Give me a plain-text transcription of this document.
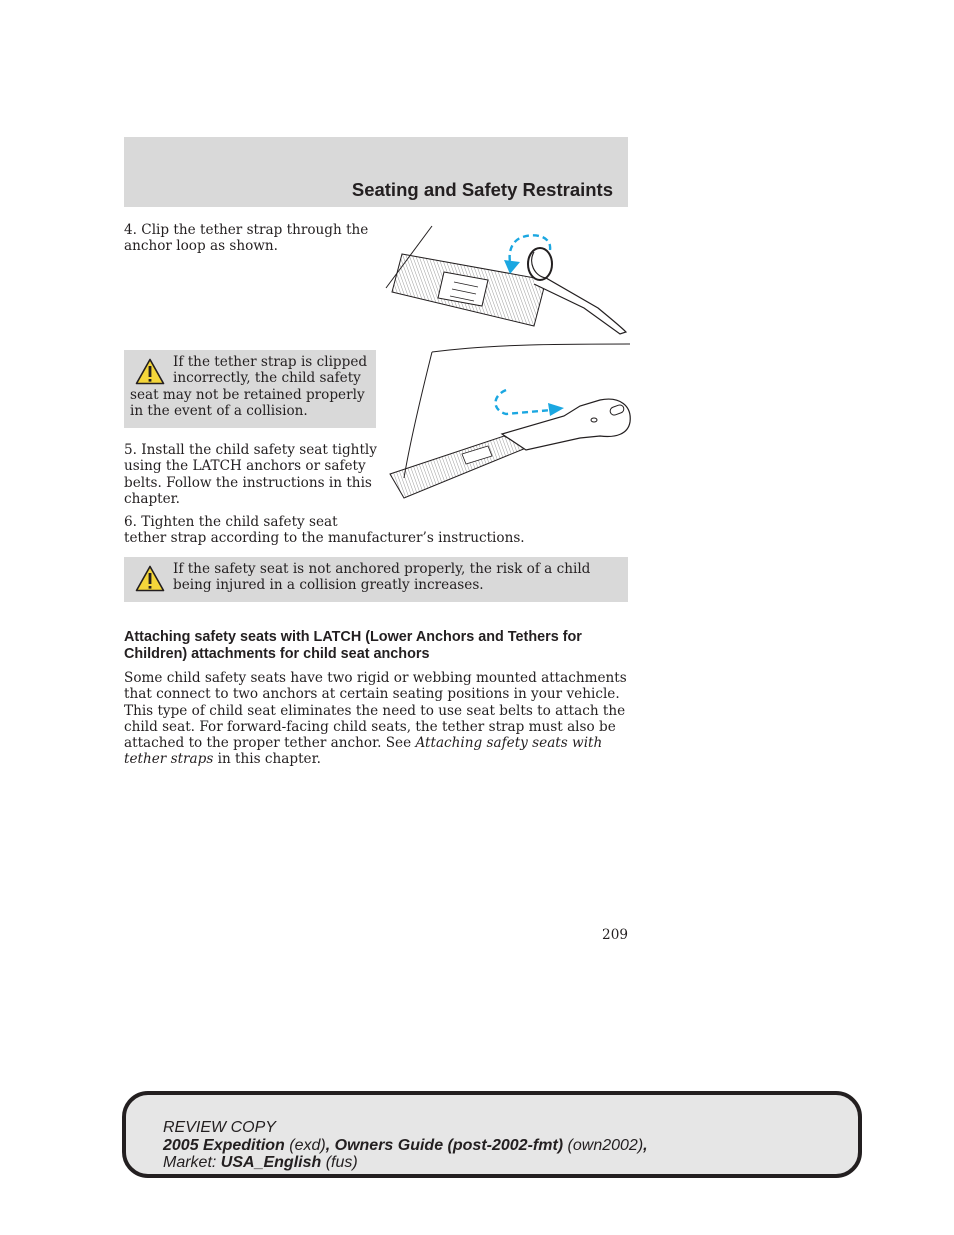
Seating and Safety Restraints
4. Clip the tether strap through the
anchor loop as shown.
If the tether strap is clipped
incorrectly, the child safety
seat may not be retained properly
in the event of a collision.
5. Install the child safety seat tightly
using the LATCH anchors or safety
belts. Follow the instructions in this
chapter.
6. Tighten the child safety seat
tether strap according to the manufacturer’s instructions.
If the safety seat is not anchored properly, the risk of a child
being injured in a collision greatly increases.
Attaching safety seats with LATCH (Lower Anchors and Tethers for
Children) attachments for child seat anchors
Some child safety seats have two rigid or webbing mounted attachments
that connect to two anchors at certain seating positions in your vehicle.
This type of child seat eliminates the need to use seat belts to attach the
child seat. For forward-facing child seats, the tether strap must also be
attached to the proper tether anchor. See Attaching safety seats with
tether straps in this chapter.
209
REVIEW COPY
2005 Expedition (exd), Owners Guide (post-2002-fmt) (own2002),
Market: USA_English (fus)
